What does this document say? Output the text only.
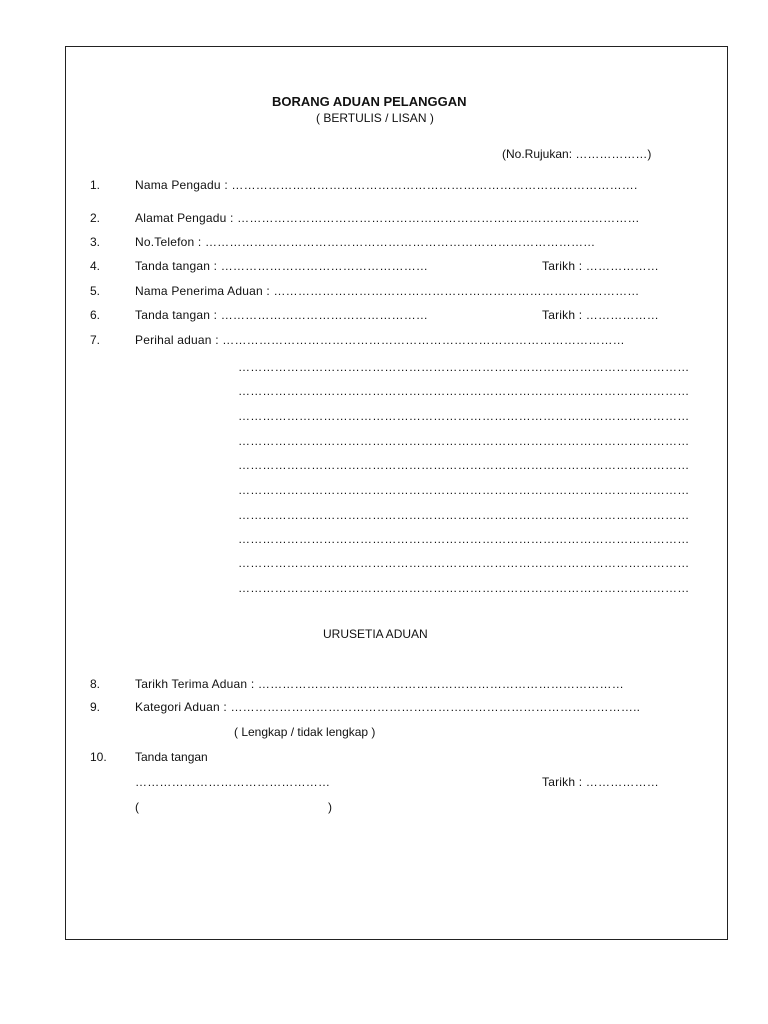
BORANG ADUAN PELANGGAN
( BERTULIS / LISAN )
(No.Rujukan: ………………)
1.	Nama Pengadu : ……………………………………………………………………………………….
2.	Alamat Pengadu : ………………………………………………………………………………………
3.	No.Telefon : ……………………………………………………………………………………
4.	Tanda tangan : ……………………………………………	Tarikh : ………………
5.	Nama Penerima Aduan : ………………………………………………………………………………
6.	Tanda tangan : ……………………………………………	Tarikh : ………………
7.	Perihal aduan : ………………………………………………………………………………………
…………………………………………………………………………………………………
…………………………………………………………………………………………………
…………………………………………………………………………………………………
…………………………………………………………………………………………………
…………………………………………………………………………………………………
…………………………………………………………………………………………………
…………………………………………………………………………………………………
…………………………………………………………………………………………………
…………………………………………………………………………………………………
…………………………………………………………………………………………………
URUSETIA ADUAN
8.	Tarikh Terima Aduan : ………………………………………………………………………………
9.	Kategori Aduan : ………………………………………………………………………………………..
( Lengkap / tidak lengkap )
10. Tanda tangan
…………………………………………	Tarikh : ………………
(	)
